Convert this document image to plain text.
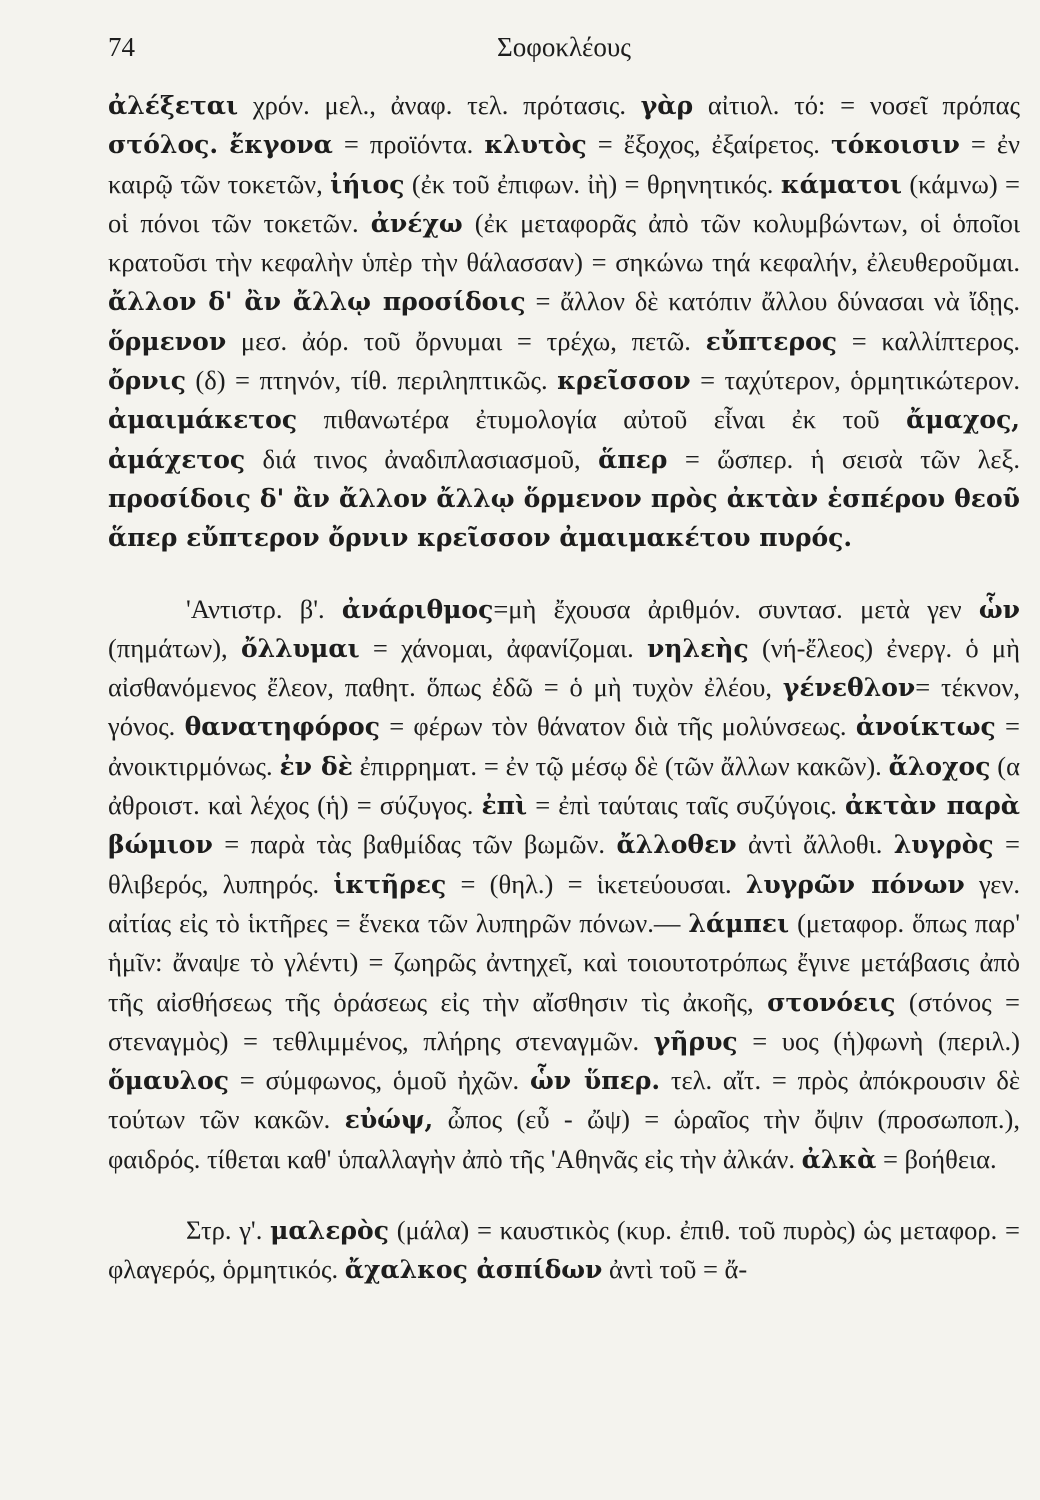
74	Σοφοκλέους

ἀλέξεται χρόν. μελ., ἀναφ. τελ. πρότασις. γὰρ αἰτιολ. τό: = νοσεῖ πρόπας στόλος. ἔκγονα = προϊόντα. κλυτὸς = ἔξοχος, ἐξαίρετος. τόκοισιν = ἐν καιρῷ τῶν τοκετῶν, ἰήιος (ἐκ τοῦ ἐπιφων. ἰὴ) = θρηνητικός. κάματοι (κάμνω) = οἱ πόνοι τῶν τοκετῶν. ἀνέχω (ἐκ μεταφορᾶς ἀπὸ τῶν κολυμβώντων, οἱ ὁποῖοι κρατοῦσι τὴν κεφαλὴν ὑπὲρ τὴν θάλασσαν) = σηκώνω τηά κεφαλήν, ἐλευθεροῦμαι. ἄλλον δ' ἂν ἄλλῳ προσίδοις = ἄλλον δὲ κατόπιν ἄλλου δύνασαι νὰ ἴδῃς. ὅρμενον μεσ. ἀόρ. τοῦ ὄρνυμαι = τρέχω, πετῶ. εὔπτερος = καλλίπτερος. ὄρνις (δ) = πτηνόν, τίθ. περιληπτικῶς. κρεῖσσον = ταχύτερον, ὁρμητικώτερον. ἀμαιμάκετος πιθανωτέρα ἐτυμολογία αὐτοῦ εἶναι ἐκ τοῦ ἄμαχος, ἀμάχετος διά τινος ἀναδιπλασιασμοῦ, ἅπερ = ὥσπερ. ἡ σεισὰ τῶν λεξ. προσίδοις δ' ἂν ἄλλον ἄλλῳ ὅρμενον πρὸς ἀκτὰν ἑσπέρου θεοῦ ἅπερ εὔπτερον ὄρνιν κρεῖσσον ἀμαιμακέτου πυρός.

'Αντιστρ. β'. ἀνάριθμος=μὴ ἔχουσα ἀριθμόν. συντασ. μετὰ γεν ὧν (πημάτων), ὄλλυμαι = χάνομαι, ἀφανίζομαι. νηλεὴς (νή-ἔλεος) ἐνεργ. ὁ μὴ αἰσθανόμενος ἔλεον, παθητ. ὅπως ἐδῶ = ὁ μὴ τυχὸν ἐλέου, γένεθλον= τέκνον, γόνος. θανατηφόρος = φέρων τὸν θάνατον διὰ τῆς μολύνσεως. ἀνοίκτως = ἀνοικτιρμόνως. ἐν δὲ ἐπιρρηματ. = ἐν τῷ μέσῳ δὲ (τῶν ἄλλων κακῶν). ἄλοχος (α ἀθροιστ. καὶ λέχος (ἡ) = σύζυγος. ἐπὶ = ἐπὶ ταύταις ταῖς συζύγοις. ἀκτὰν παρὰ βώμιον = παρὰ τὰς βαθμίδας τῶν βωμῶν. ἄλλοθεν ἀντὶ ἄλλοθι. λυγρὸς = θλιβερός, λυπηρός. ἱκτῆρες = (θηλ.) = ἱκετεύουσαι. λυγρῶν πόνων γεν. αἰτίας εἰς τὸ ἱκτῆρες = ἕνεκα τῶν λυπηρῶν πόνων.— λάμπει (μεταφορ. ὅπως παρ' ἡμῖν: ἄναψε τὸ γλέντι) = ζωηρῶς ἀντηχεῖ, καὶ τοιουτοτρόπως ἔγινε μετάβασις ἀπὸ τῆς αἰσθήσεως τῆς ὁράσεως εἰς τὴν αἴσθησιν τὶς ἀκοῆς, στονόεις (στόνος = στεναγμὸς) = τεθλιμμένος, πλήρης στεναγμῶν. γῆρυς = υος (ἡ)φωνὴ (περιλ.) ὅμαυλος = σύμφωνος, ὁμοῦ ἠχῶν. ὧν ὕπερ. τελ. αἴτ. = πρὸς ἀπόκρουσιν δὲ τούτων τῶν κακῶν. εὐώψ, ὦπος (εὖ - ὤψ) = ὡραῖος τὴν ὄψιν (προσωποπ.), φαιδρός. τίθεται καθ' ὑπαλλαγὴν ἀπὸ τῆς 'Αθηνᾶς εἰς τὴν ἀλκάν. ἀλκὰ = βοήθεια.

Στρ. γ'. μαλερὸς (μάλα) = καυστικὸς (κυρ. ἐπιθ. τοῦ πυρὸς) ὡς μεταφορ. = φλαγερός, ὁρμητικός. ἄχαλκος ἀσπίδων ἀντὶ τοῦ = ἄ-
